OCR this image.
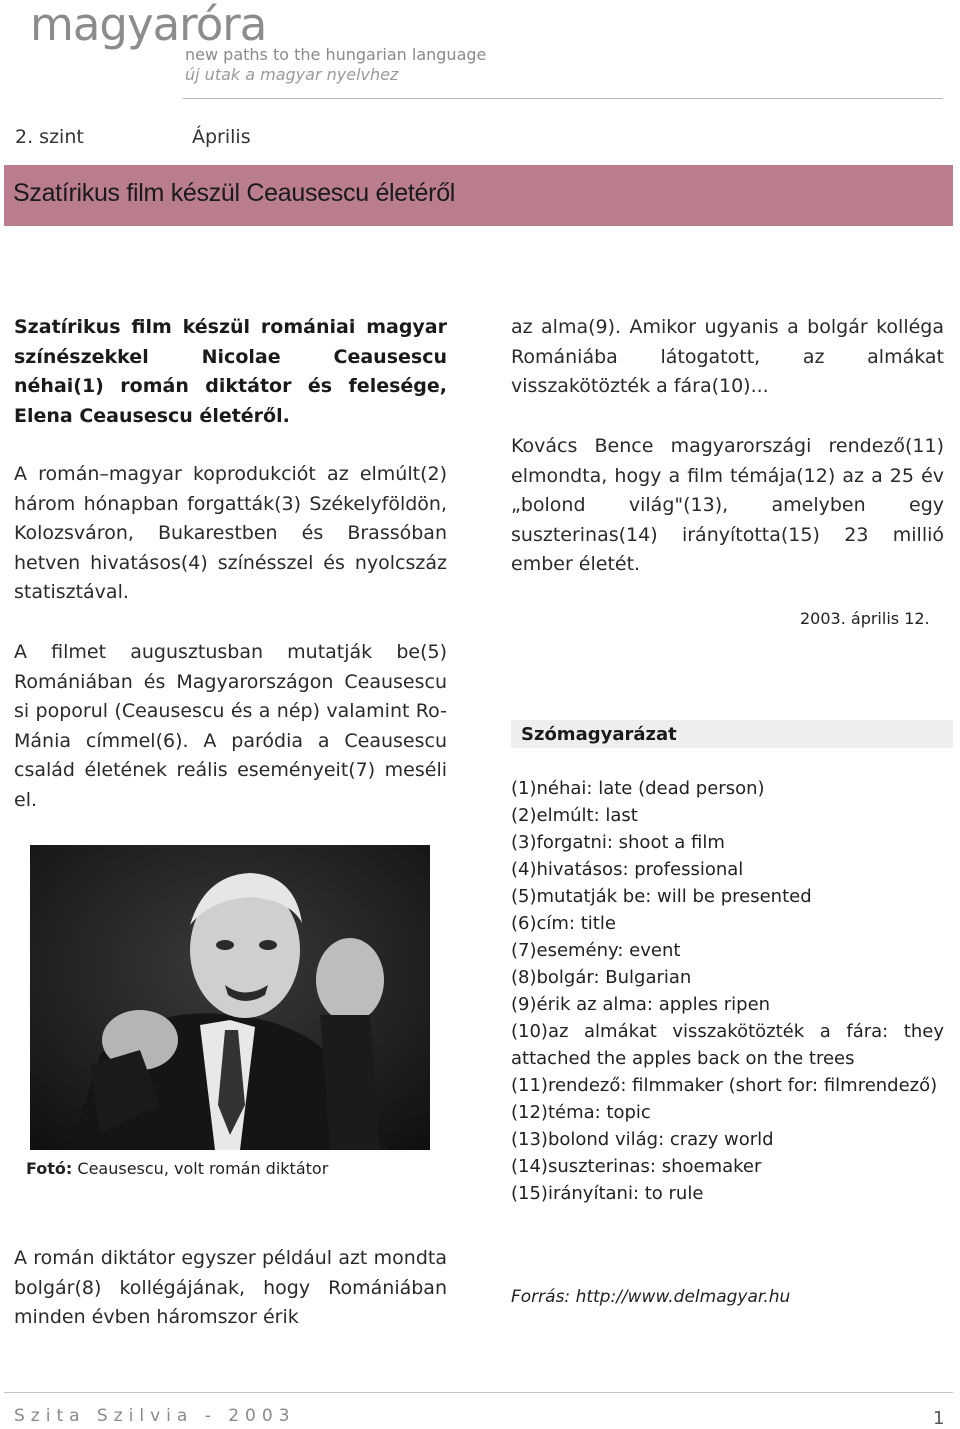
magyaróra
new paths to the hungarian language
új utak a magyar nyelvhez
2. szint	Április
Szatírikus film készül Ceausescu életéről

Szatírikus film készül romániai magyar színészekkel Nicolae Ceausescu néhai(1) román diktátor és felesége, Elena Ceausescu életéről.

A román–magyar koprodukciót az elmúlt(2) három hónapban forgatták(3) Székelyföldön, Kolozsváron, Bukarestben és Brassóban hetven hivatásos(4) színésszel és nyolcszáz statisztával.

A filmet augusztusban mutatják be(5) Romániában és Magyarországon Ceausescu si poporul (Ceausescu és a nép) valamint Ro-Mánia címmel(6). A paródia a Ceausescu család életének reális eseményeit(7) meséli el.

Fotó: Ceausescu, volt román diktátor

A román diktátor egyszer például azt mondta bolgár(8) kollégájának, hogy Romániában minden évben háromszor érik

az alma(9). Amikor ugyanis a bolgár kolléga Romániába látogatott, az almákat visszakötözték a fára(10)...

Kovács Bence magyarországi rendező(11) elmondta, hogy a film témája(12) az a 25 év „bolond világ"(13), amelyben egy suszterinas(14) irányította(15) 23 millió ember életét.

2003. április 12.
Szómagyarázat
(1)néhai: late (dead person)
(2)elmúlt: last
(3)forgatni: shoot a film
(4)hivatásos: professional
(5)mutatják be: will be presented
(6)cím: title
(7)esemény: event
(8)bolgár: Bulgarian
(9)érik az alma: apples ripen
(10)az almákat visszakötözték a fára: they attached the apples back on the trees
(11)rendező: filmmaker (short for: filmrendező)
(12)téma: topic
(13)bolond világ: crazy world
(14)suszterinas: shoemaker
(15)irányítani: to rule
Forrás: http://www.delmagyar.hu
Szita Szilvia - 2003	1
